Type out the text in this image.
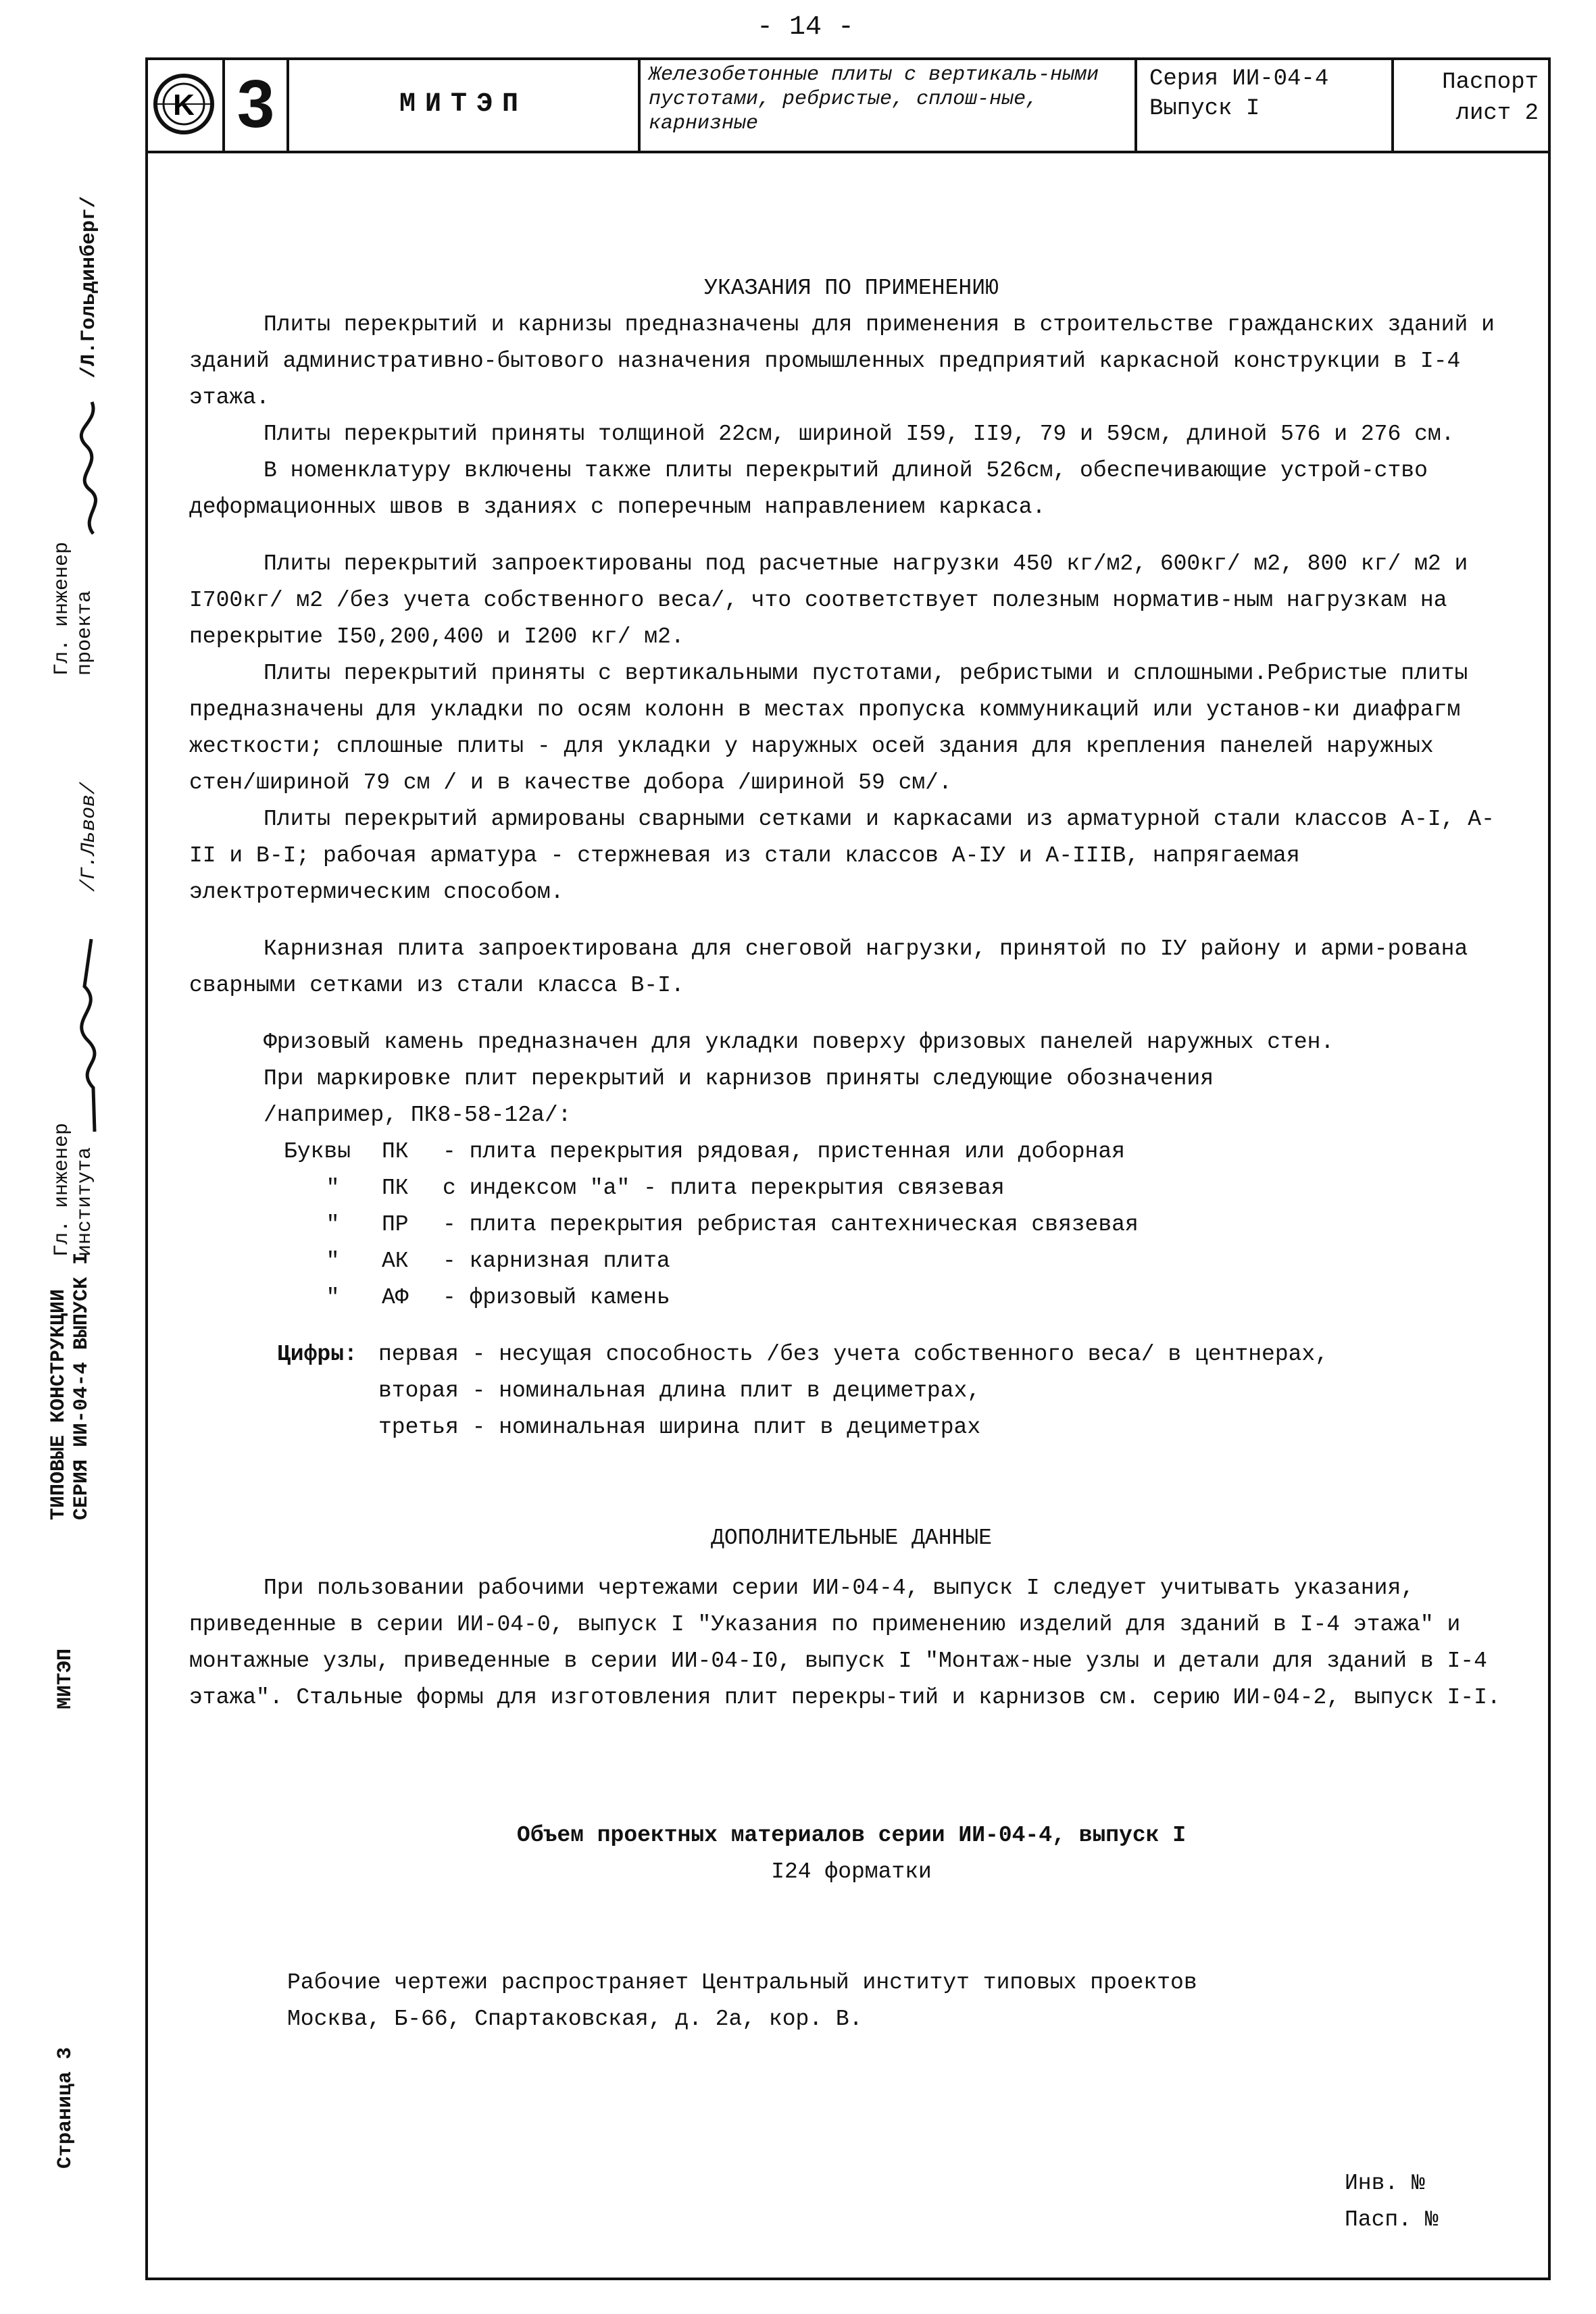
- 14 -
K 3	МИТЭП
Железобетонные плиты с вертикаль-ными пустотами, ребристые, сплош-ные, карнизные
Серия ИИ-04-4
Выпуск I
Паспорт
лист 2
Гл. инженер
проекта
/Л.Гольдинберг/
Гл. инженер
института
/Г.Львов/
ТИПОВЫЕ КОНСТРУКЦИИ
СЕРИЯ ИИ-04-4 ВЫПУСК I
МИТЭП
Страница 3

УКАЗАНИЯ ПО ПРИМЕНЕНИЮ

Плиты перекрытий и карнизы предназначены для применения в строительстве гражданских зданий и зданий административно-бытового назначения промышленных предприятий каркасной конструкции в I-4 этажа.

Плиты перекрытий приняты толщиной 22см, шириной I59, II9, 79 и 59см, длиной 576 и 276 см.

В номенклатуру включены также плиты перекрытий длиной 526см, обеспечивающие устрой-ство деформационных швов в зданиях с поперечным направлением каркаса.

Плиты перекрытий запроектированы под расчетные нагрузки 450 кг/м2, 600кг/ м2, 800 кг/ м2 и I700кг/ м2 /без учета собственного веса/, что соответствует полезным норматив-ным нагрузкам на перекрытие I50,200,400 и I200 кг/ м2.

Плиты перекрытий приняты с вертикальными пустотами, ребристыми и сплошными.Ребристые плиты предназначены для укладки по осям колонн в местах пропуска коммуникаций или установ-ки диафрагм жесткости; сплошные плиты - для укладки у наружных осей здания для крепления панелей наружных стен/шириной 79 см / и в качестве добора /шириной 59 см/.

Плиты перекрытий армированы сварными сетками и каркасами из арматурной стали классов А-I, А-II и В-I; рабочая арматура - стержневая из стали классов А-IУ и А-IIIВ, напрягаемая электротермическим способом.

Карнизная плита запроектирована для снеговой нагрузки, принятой по IУ району и арми-рована сварными сетками из стали класса В-I.

Фризовый камень предназначен для укладки поверху фризовых панелей наружных стен.

При маркировке плит перекрытий и карнизов приняты следующие обозначения

/например, ПК8-58-12а/:

Буквы	ПК	- плита перекрытия рядовая, пристенная или доборная
"	ПК	с индексом "а" - плита перекрытия связевая
"	ПР	- плита перекрытия ребристая сантехническая связевая
"	АК	- карнизная плита
"	АФ	- фризовый камень
Цифры: первая - несущая способность /без учета собственного веса/ в центнерах,
вторая - номинальная длина плит в дециметрах,
третья - номинальная ширина плит в дециметрах

ДОПОЛНИТЕЛЬНЫЕ ДАННЫЕ

При пользовании рабочими чертежами серии ИИ-04-4, выпуск I следует учитывать указания, приведенные в серии ИИ-04-0, выпуск I "Указания по применению изделий для зданий в I-4 этажа" и монтажные узлы, приведенные в серии ИИ-04-I0, выпуск I "Монтаж-ные узлы и детали для зданий в I-4 этажа". Стальные формы для изготовления плит перекры-тий и карнизов см. серию ИИ-04-2, выпуск I-I.

Объем проектных материалов серии ИИ-04-4, выпуск I

I24 форматки

Рабочие чертежи распространяет Центральный институт типовых проектов

Москва, Б-66, Спартаковская, д. 2а, кор. В.

Инв. №
Пасп. №
